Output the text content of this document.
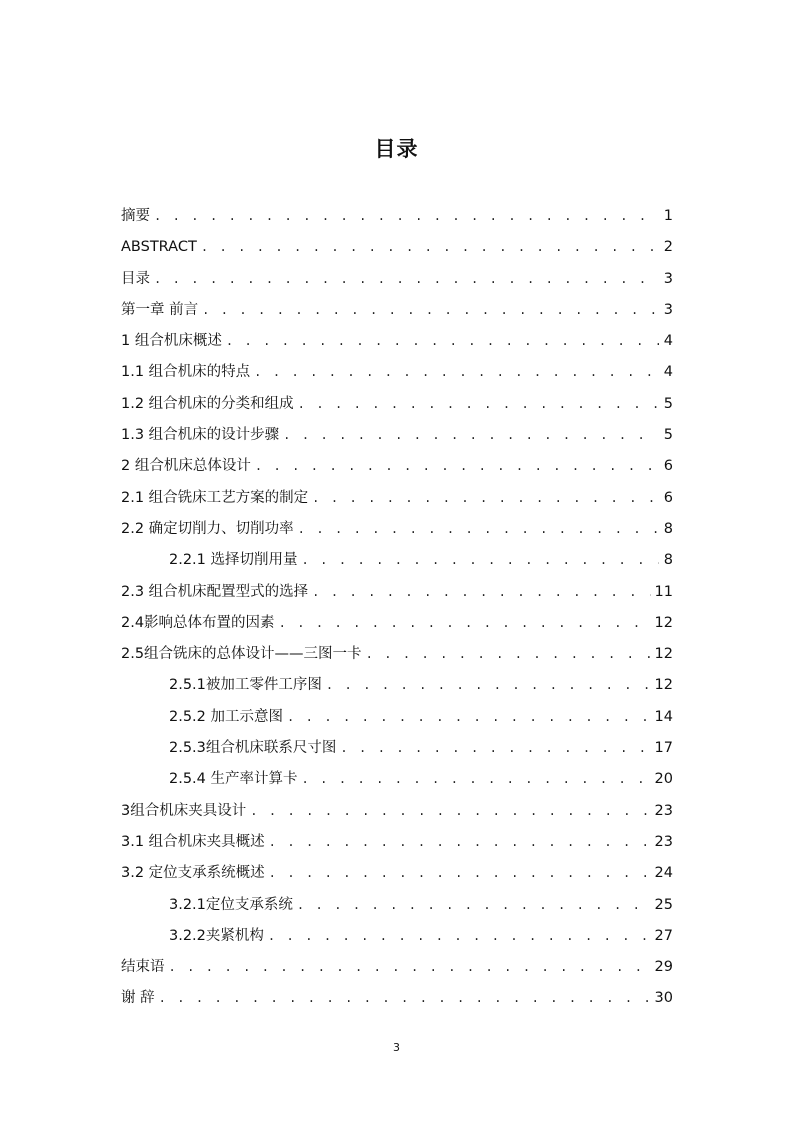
目录
摘要 . . .	1
ABSTRACT . . .	2
目录 . . .	3
第一章 前言 . . .	3
1 组合机床概述 . . .	4
1.1 组合机床的特点 . . .	4
1.2 组合机床的分类和组成 . . .	5
1.3 组合机床的设计步骤 . . .	5
2 组合机床总体设计 . . .	6
2.1 组合铣床工艺方案的制定 . . .	6
2.2 确定切削力、切削功率 . . .	8
2.2.1 选择切削用量 . . .	8
2.3 组合机床配置型式的选择 . . .	11
2.4影响总体布置的因素 . . .	12
2.5组合铣床的总体设计——三图一卡 . . .	12
2.5.1被加工零件工序图 . . .	12
2.5.2 加工示意图 . . .	14
2.5.3组合机床联系尺寸图 . . .	17
2.5.4 生产率计算卡 . . .	20
3组合机床夹具设计 . . .	23
3.1 组合机床夹具概述 . . .	23
3.2 定位支承系统概述 . . .	24
3.2.1定位支承系统 . . .	25
3.2.2夹紧机构 . . .	27
结束语 . . .	29
谢 辞 . . .	30
3
